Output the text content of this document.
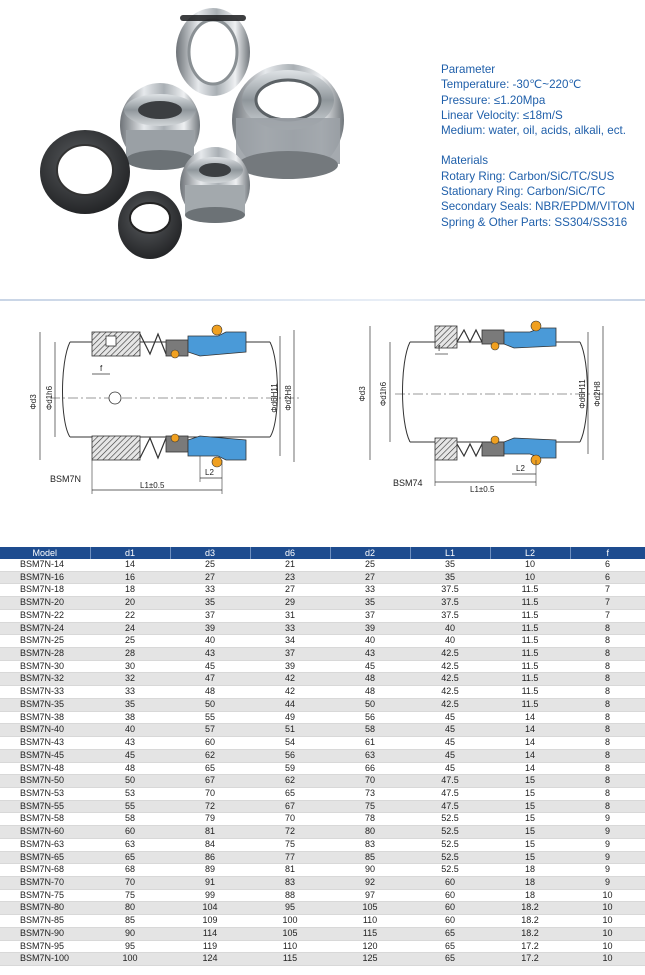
Parameter
Temperature: -30℃~220℃
Pressure: ≤1.20Mpa
Linear Velocity: ≤18m/S
Medium: water, oil, acids, alkali, ect.
Materials
Rotary Ring: Carbon/SiC/TC/SUS
Stationary Ring: Carbon/SiC/TC
Secondary Seals: NBR/EPDM/VITON
Spring & Other Parts: SS304/SS316
Φd3 Φd1h6	Φd6H11 Φd2H8
f
L2
L1±0.5
BSM7N
Φd3 Φd1h6	Φd6H11 Φd2H8
f
L2
L1±0.5
BSM74
Model	d1	d3	d6	d2	L1	L2	f
BSM7N-14	14	25	21	25	35	10	6
BSM7N-16	16	27	23	27	35	10	6
BSM7N-18	18	33	27	33	37.5	11.5	7
BSM7N-20	20	35	29	35	37.5	11.5	7
BSM7N-22	22	37	31	37	37.5	11.5	7
BSM7N-24	24	39	33	39	40	11.5	8
BSM7N-25	25	40	34	40	40	11.5	8
BSM7N-28	28	43	37	43	42.5	11.5	8
BSM7N-30	30	45	39	45	42.5	11.5	8
BSM7N-32	32	47	42	48	42.5	11.5	8
BSM7N-33	33	48	42	48	42.5	11.5	8
BSM7N-35	35	50	44	50	42.5	11.5	8
BSM7N-38	38	55	49	56	45	14	8
BSM7N-40	40	57	51	58	45	14	8
BSM7N-43	43	60	54	61	45	14	8
BSM7N-45	45	62	56	63	45	14	8
BSM7N-48	48	65	59	66	45	14	8
BSM7N-50	50	67	62	70	47.5	15	8
BSM7N-53	53	70	65	73	47.5	15	8
BSM7N-55	55	72	67	75	47.5	15	8
BSM7N-58	58	79	70	78	52.5	15	9
BSM7N-60	60	81	72	80	52.5	15	9
BSM7N-63	63	84	75	83	52.5	15	9
BSM7N-65	65	86	77	85	52.5	15	9
BSM7N-68	68	89	81	90	52.5	18	9
BSM7N-70	70	91	83	92	60	18	9
BSM7N-75	75	99	88	97	60	18	10
BSM7N-80	80	104	95	105	60	18.2	10
BSM7N-85	85	109	100	110	60	18.2	10
BSM7N-90	90	114	105	115	65	18.2	10
BSM7N-95	95	119	110	120	65	17.2	10
BSM7N-100	100	124	115	125	65	17.2	10
